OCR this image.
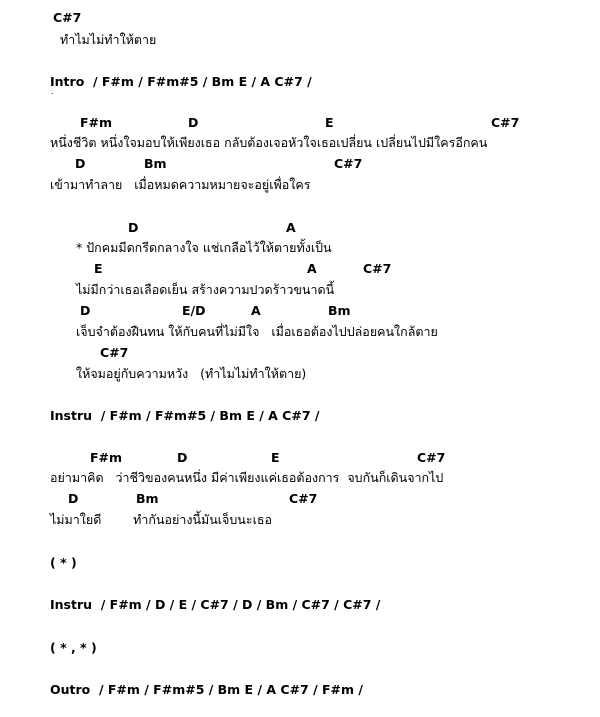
C#7
ทำไมไม่ทำให้ตาย
Intro  / F#m / F#m#5 / Bm E / A C#7 /
.
F#m	D	E	C#7
หนึ่งชีวิต หนึ่งใจมอบให้เพียงเธอ กลับต้องเจอหัวใจเธอเปลี่ยน เปลี่ยนไปมีใครอีกคน
D	Bm	C#7
เข้ามาทำลาย   เมื่อหมดความหมายจะอยู่เพื่อใคร
D	A
* ปักคมมีดกรีดกลางใจ แช่เกลือไว้ให้ตายทั้งเป็น
E	A	C#7
ไม่มีกว่าเธอเลือดเย็น สร้างความปวดร้าวขนาดนี้
D	E/D	A	Bm
เจ็บจำต้องฝืนทน ให้กับคนที่ไม่มีใจ   เมื่อเธอต้องไปปล่อยคนใกล้ตาย
C#7
ให้จมอยู่กับความหวัง   (ทำไมไม่ทำให้ตาย)
Instru  / F#m / F#m#5 / Bm E / A C#7 /
F#m	D	E	C#7
อย่ามาคิด   ว่าชีวิของคนหนึ่ง มีค่าเพียงแค่เธอต้องการ  จบกันก็เดินจากไป
D	Bm	C#7
ไม่มาใยดี        ทำกันอย่างนี้มันเจ็บนะเธอ
( * )
Instru  / F#m / D / E / C#7 / D / Bm / C#7 / C#7 /
( * , * )
Outro  / F#m / F#m#5 / Bm E / A C#7 / F#m /
